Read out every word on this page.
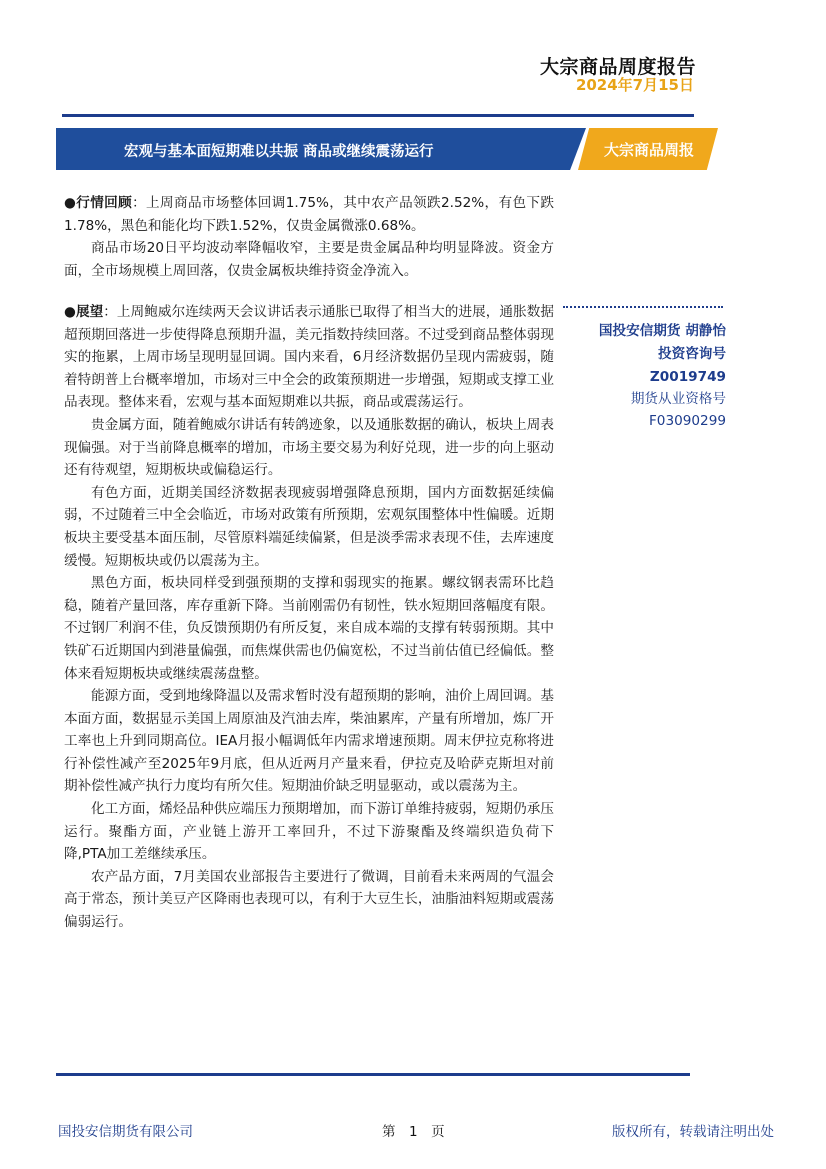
大宗商品周度报告
2024年7月15日
宏观与基本面短期难以共振 商品或继续震荡运行	大宗商品周报

●行情回顾：上周商品市场整体回调1.75%，其中农产品领跌2.52%，有色下跌1.78%，黑色和能化均下跌1.52%，仅贵金属微涨0.68%。

商品市场20日平均波动率降幅收窄，主要是贵金属品种均明显降波。资金方面，全市场规模上周回落，仅贵金属板块维持资金净流入。

●展望：上周鲍威尔连续两天会议讲话表示通胀已取得了相当大的进展，通胀数据超预期回落进一步使得降息预期升温，美元指数持续回落。不过受到商品整体弱现实的拖累，上周市场呈现明显回调。国内来看，6月经济数据仍呈现内需疲弱，随着特朗普上台概率增加，市场对三中全会的政策预期进一步增强，短期或支撑工业品表现。整体来看，宏观与基本面短期难以共振，商品或震荡运行。

贵金属方面，随着鲍威尔讲话有转鸽迹象，以及通胀数据的确认，板块上周表现偏强。对于当前降息概率的增加，市场主要交易为利好兑现，进一步的向上驱动还有待观望，短期板块或偏稳运行。

有色方面，近期美国经济数据表现疲弱增强降息预期，国内方面数据延续偏弱，不过随着三中全会临近，市场对政策有所预期，宏观氛围整体中性偏暖。近期板块主要受基本面压制，尽管原料端延续偏紧，但是淡季需求表现不佳，去库速度缓慢。短期板块或仍以震荡为主。

黑色方面，板块同样受到强预期的支撑和弱现实的拖累。螺纹钢表需环比趋稳，随着产量回落，库存重新下降。当前刚需仍有韧性，铁水短期回落幅度有限。不过钢厂利润不佳，负反馈预期仍有所反复，来自成本端的支撑有转弱预期。其中铁矿石近期国内到港量偏强，而焦煤供需也仍偏宽松，不过当前估值已经偏低。整体来看短期板块或继续震荡盘整。

能源方面，受到地缘降温以及需求暂时没有超预期的影响，油价上周回调。基本面方面，数据显示美国上周原油及汽油去库，柴油累库，产量有所增加，炼厂开工率也上升到同期高位。IEA月报小幅调低年内需求增速预期。周末伊拉克称将进行补偿性减产至2025年9月底，但从近两月产量来看，伊拉克及哈萨克斯坦对前期补偿性减产执行力度均有所欠佳。短期油价缺乏明显驱动，或以震荡为主。

化工方面，烯烃品种供应端压力预期增加，而下游订单维持疲弱，短期仍承压运行。聚酯方面，产业链上游开工率回升，不过下游聚酯及终端织造负荷下降,PTA加工差继续承压。

农产品方面，7月美国农业部报告主要进行了微调，目前看未来两周的气温会高于常态，预计美豆产区降雨也表现可以，有利于大豆生长，油脂油料短期或震荡偏弱运行。

国投安信期货 胡静怡
投资咨询号
Z0019749
期货从业资格号
F03090299
国投安信期货有限公司	第　1　页	版权所有，转载请注明出处
